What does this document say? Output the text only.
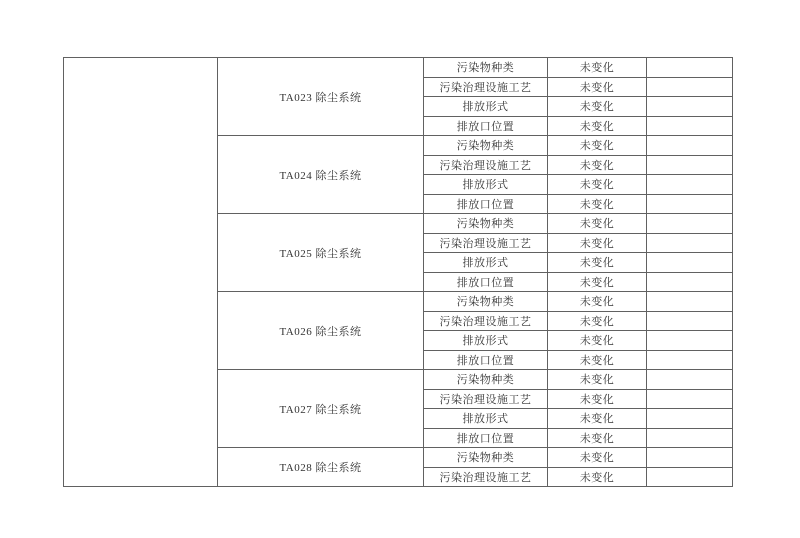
	TA023 除尘系统	污染物种类	未变化	
		污染治理设施工艺	未变化	
		排放形式	未变化	
		排放口位置	未变化	
	TA024 除尘系统	污染物种类	未变化	
		污染治理设施工艺	未变化	
		排放形式	未变化	
		排放口位置	未变化	
	TA025 除尘系统	污染物种类	未变化	
		污染治理设施工艺	未变化	
		排放形式	未变化	
		排放口位置	未变化	
	TA026 除尘系统	污染物种类	未变化	
		污染治理设施工艺	未变化	
		排放形式	未变化	
		排放口位置	未变化	
	TA027 除尘系统	污染物种类	未变化	
		污染治理设施工艺	未变化	
		排放形式	未变化	
		排放口位置	未变化	
	TA028 除尘系统	污染物种类	未变化	
		污染治理设施工艺	未变化	
